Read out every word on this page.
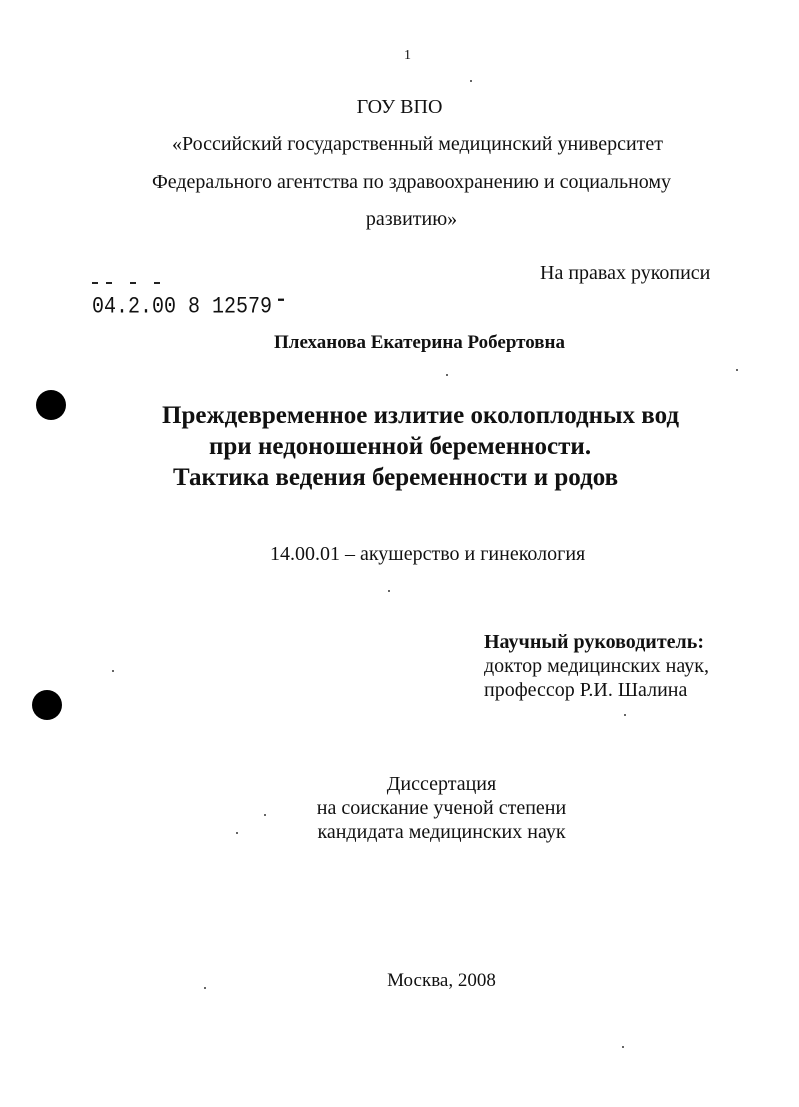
1
ГОУ ВПО
«Российский государственный медицинский университет
Федерального агентства по здравоохранению и социальному
развитию»
На правах рукописи
04.2.00 8 12579
Плеханова Екатерина Робертовна
Преждевременное излитие околоплодных вод
при недоношенной беременности.
Тактика ведения беременности и родов
14.00.01 – акушерство и гинекология
Научный руководитель:
доктор медицинских наук,
профессор Р.И. Шалина
Диссертация
на соискание ученой степени
кандидата медицинских наук
Москва, 2008
